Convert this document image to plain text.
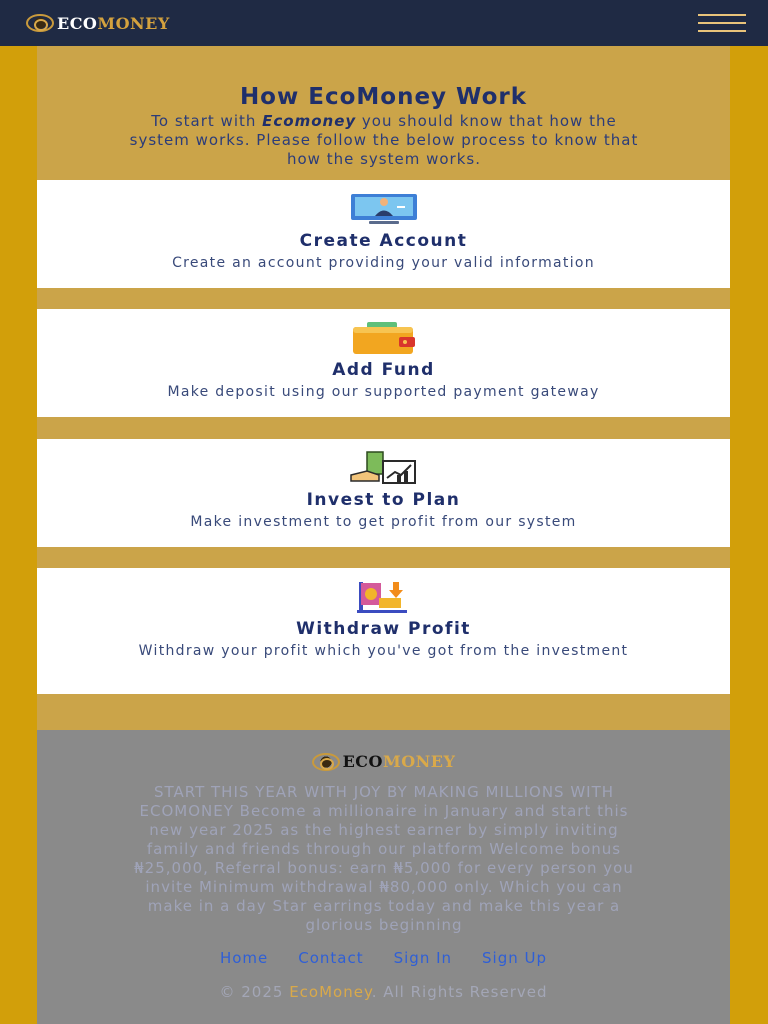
ECOMONEY
How EcoMoney Work
To start with Ecomoney you should know that how the
system works. Please follow the below process to know that
how the system works.
Create Account
Create an account providing your valid information
Add Fund
Make deposit using our supported payment gateway
Invest to Plan
Make investment to get profit from our system
Withdraw Profit
Withdraw your profit which you've got from the investment
ECOMONEY
START THIS YEAR WITH JOY BY MAKING MILLIONS WITH
ECOMONEY Become a millionaire in January and start this
new year 2025 as the highest earner by simply inviting
family and friends through our platform Welcome bonus
₦25,000, Referral bonus: earn ₦5,000 for every person you
invite Minimum withdrawal ₦80,000 only. Which you can
make in a day Star earrings today and make this year a
glorious beginning
Home Contact Sign In Sign Up
© 2025 EcoMoney. All Rights Reserved
